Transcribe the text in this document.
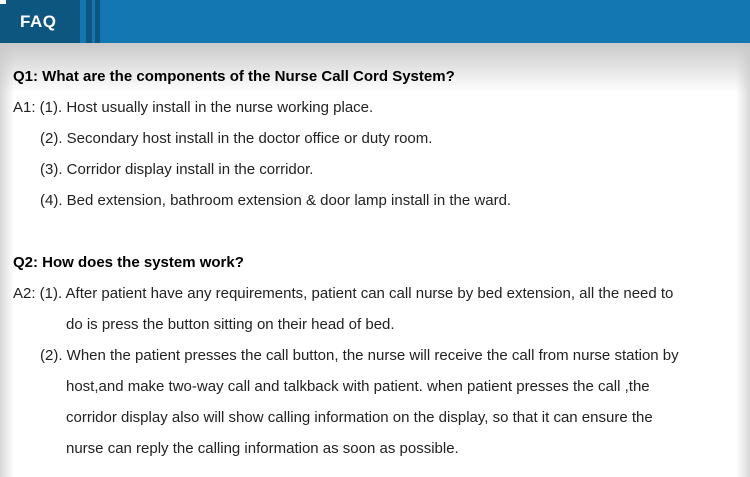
FAQ
Q1: What are the components of the Nurse Call Cord System?
A1: (1). Host usually install in the nurse working place.
(2). Secondary host install in the doctor office or duty room.
(3). Corridor display install in the corridor.
(4). Bed extension, bathroom extension & door lamp install in the ward.
Q2: How does the system work?
A2: (1). After patient have any requirements, patient can call nurse by bed extension, all the need to
do is press the button sitting on their head of bed.
(2). When the patient presses the call button, the nurse will receive the call from nurse station by
host,and make two-way call and talkback with patient. when patient presses the call ,the
corridor display also will show calling information on the display, so that it can ensure the
nurse can reply the calling information as soon as possible.
